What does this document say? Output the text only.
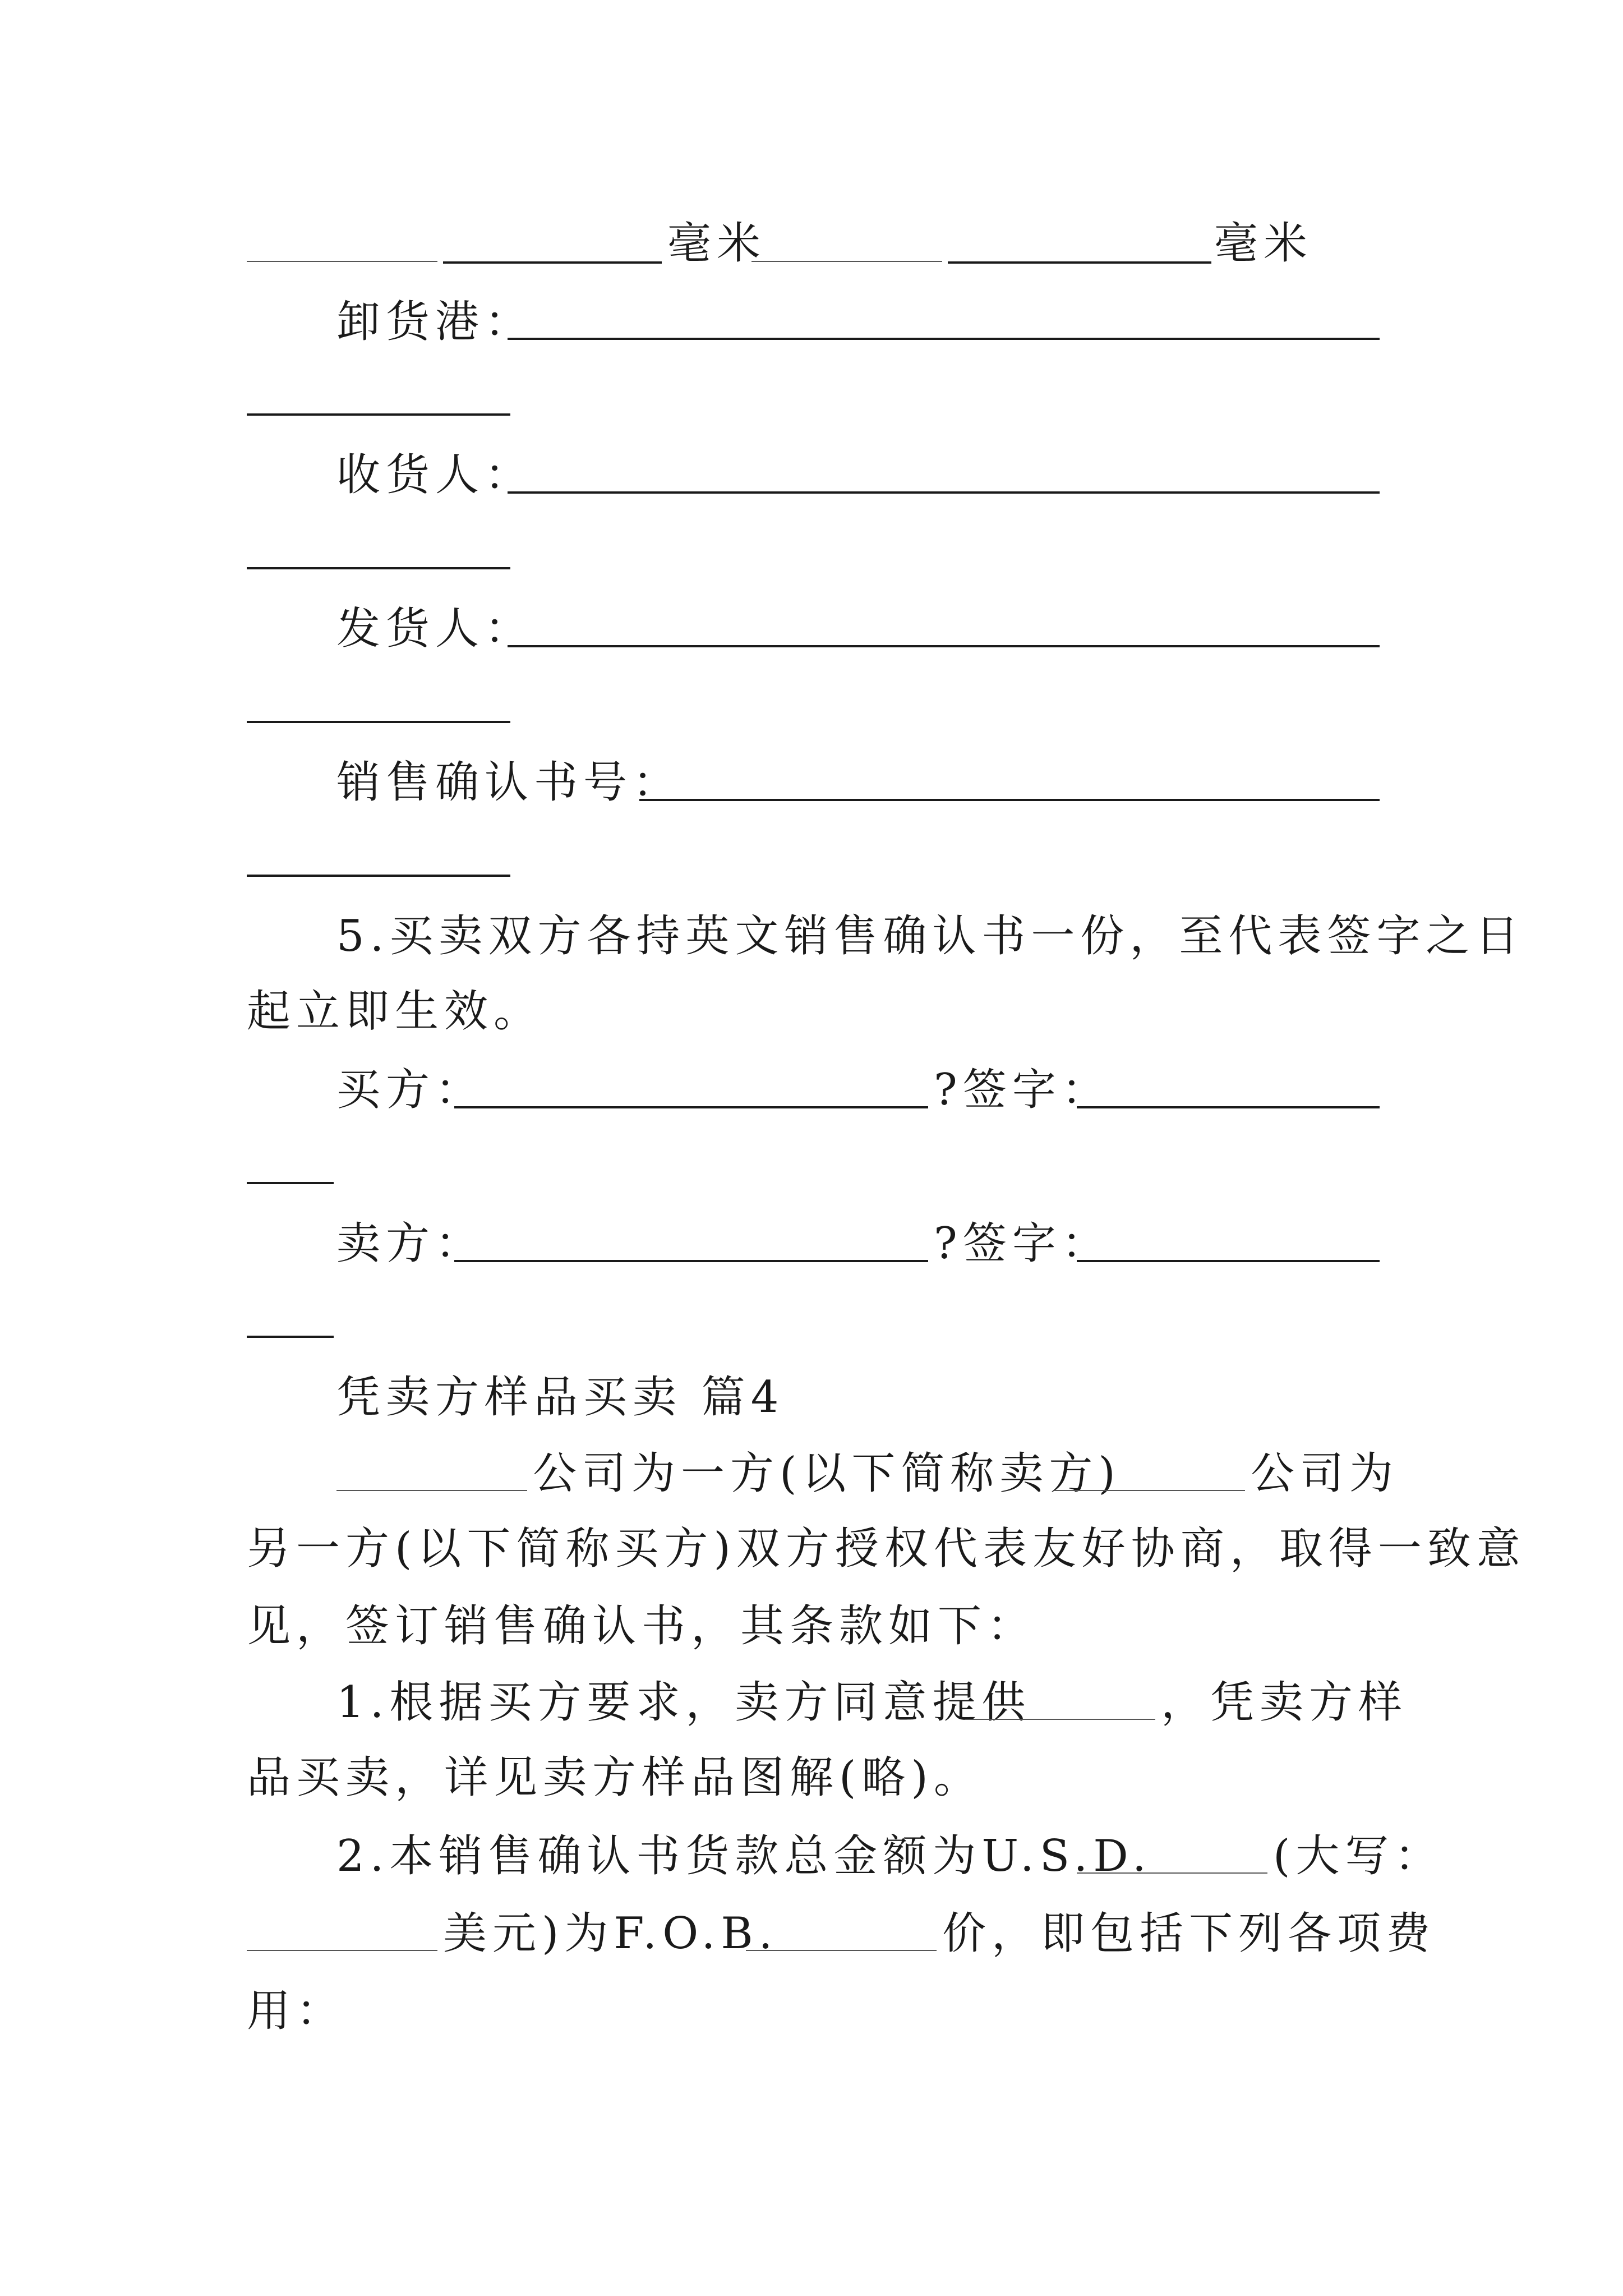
毫米	毫米
卸货港：
收货人：
发货人：
销售确认书号：
5.买卖双方各持英文销售确认书一份，至代表签字之日
起立即生效。
买方：	?签字：
卖方：	?签字：
凭卖方样品买卖 篇4
公司为一方(以下简称卖方)	公司为
另一方(以下简称买方)双方授权代表友好协商，取得一致意
见，签订销售确认书，其条款如下：
1.根据买方要求，卖方同意提供	，凭卖方样
品买卖，详见卖方样品图解(略)。
2.本销售确认书货款总金额为U.S.D.	(大写：
美元)为F.O.B.	价，即包括下列各项费
用：
